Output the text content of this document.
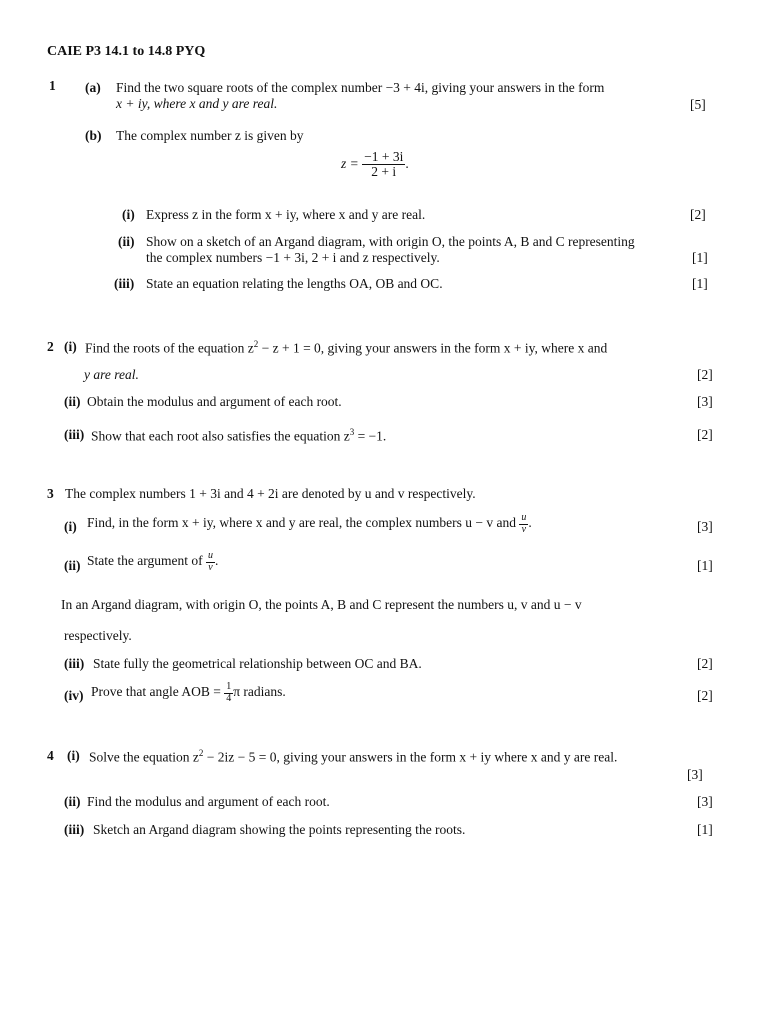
CAIE P3 14.1 to 14.8 PYQ
1 (a) Find the two square roots of the complex number −3 + 4i, giving your answers in the form
x + iy, where x and y are real.	[5]
(b) The complex number z is given by
$z = \frac{-1 + 3i}{2 + i}$ .
(i) Express z in the form x + iy, where x and y are real.	[2]
(ii) Show on a sketch of an Argand diagram, with origin O, the points A, B and C representing
the complex numbers −1 + 3i, 2 + i and z respectively.	[1]
(iii) State an equation relating the lengths OA, OB and OC.	[1]
2 (i) Find the roots of the equation $z^2 - z + 1 = 0$, giving your answers in the form x + iy, where x and
y are real.	[2]
(ii) Obtain the modulus and argument of each root.	[3]
(iii) Show that each root also satisfies the equation $z^3 = -1$.	[2]
3 The complex numbers 1 + 3i and 4 + 2i are denoted by u and v respectively.
(i) Find, in the form x + iy, where x and y are real, the complex numbers u − v and $\frac{u}{v}$ .	[3]
(ii) State the argument of $\frac{u}{v}$ .	[1]
In an Argand diagram, with origin O, the points A, B and C represent the numbers u, v and u − v
respectively.
(iii) State fully the geometrical relationship between OC and BA.	[2]
(iv) Prove that angle AOB = $\frac{1}{4}$ π radians.	[2]
4 (i) Solve the equation $z^2 - 2iz - 5 = 0$, giving your answers in the form x + iy where x and y are real.
[3]
(ii) Find the modulus and argument of each root.	[3]
(iii) Sketch an Argand diagram showing the points representing the roots.	[1]
